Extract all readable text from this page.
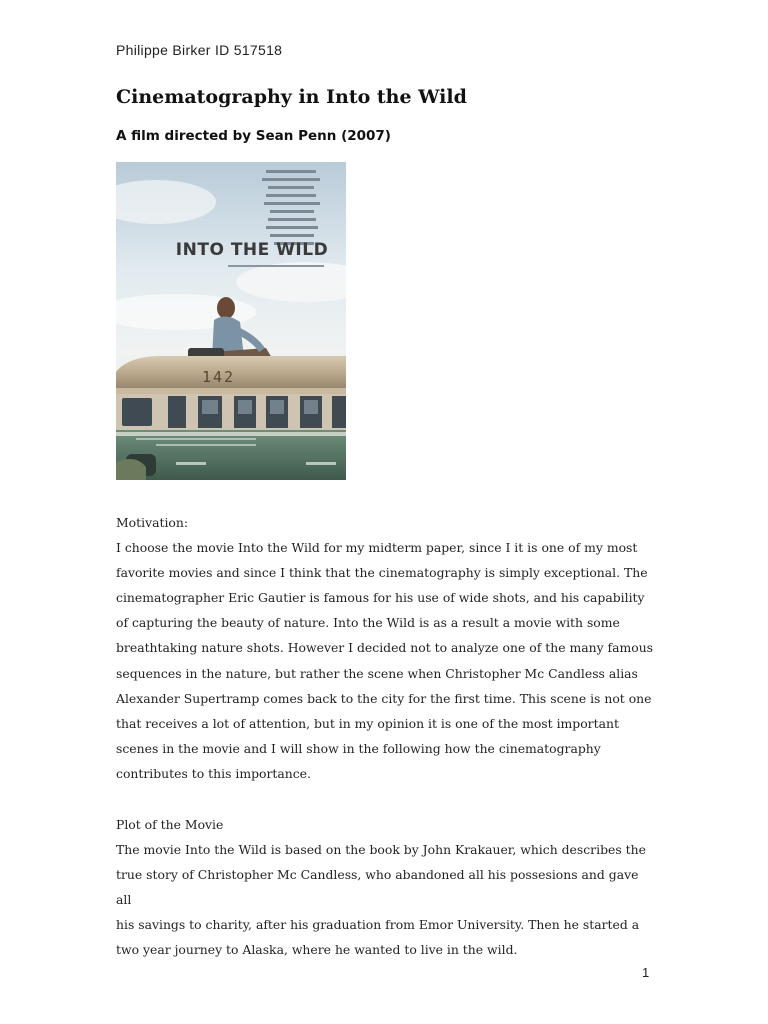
Philippe Birker ID 517518
Cinematography in Into the Wild
A film directed by Sean Penn (2007)
INTO THE WILD
142

Motivation:

I choose the movie Into the Wild for my midterm paper, since I it is one of my most

favorite movies and since I think that the cinematography is simply exceptional. The

cinematographer Eric Gautier is famous for his use of wide shots, and his capability

of capturing the beauty of nature. Into the Wild is as a result a movie with some

breathtaking nature shots. However I decided not to analyze one of the many famous

sequences in the nature, but rather the scene when Christopher Mc Candless alias

Alexander Supertramp comes back to the city for the first time. This scene is not one

that receives a lot of attention, but in my opinion it is one of the most important

scenes in the movie and I will show in the following how the cinematography

contributes to this importance.

Plot of the Movie

The movie Into the Wild is based on the book by John Krakauer, which describes the

true story of Christopher Mc Candless, who abandoned all his possesions and gave all

his savings to charity, after his graduation from Emor University. Then he started a

two year journey to Alaska, where he wanted to live in the wild.

1
